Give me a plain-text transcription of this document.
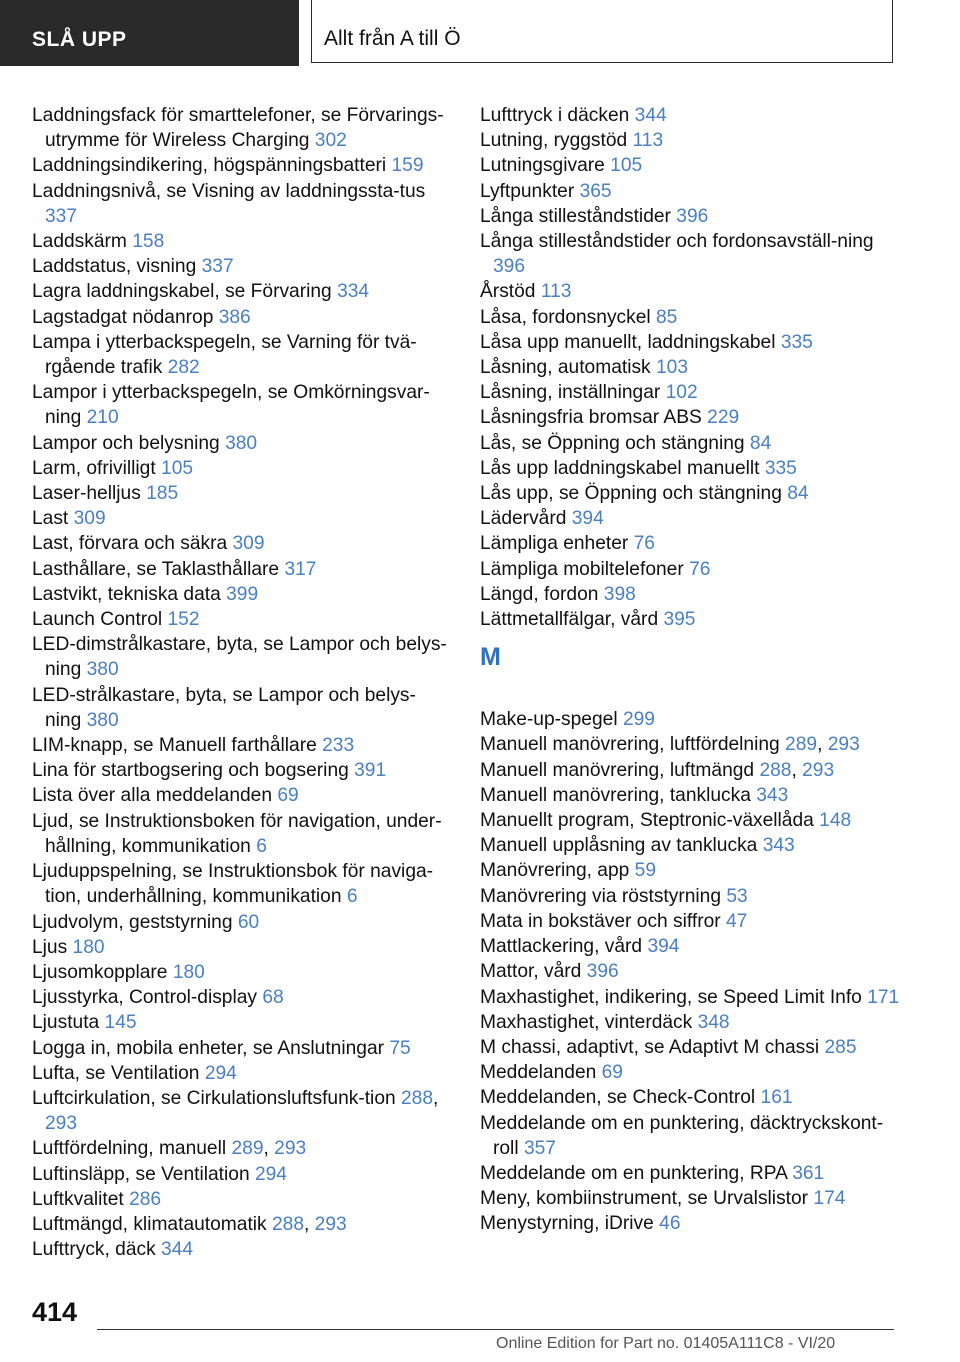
SLÅ UPP	Allt från A till Ö
Laddningsfack för smarttelefoner, se Förvarings-utrymme för Wireless Charging 302
Laddningsindikering, högspänningsbatteri 159
Laddningsnivå, se Visning av laddningssta-tus 337
Laddskärm 158
Laddstatus, visning 337
Lagra laddningskabel, se Förvaring 334
Lagstadgat nödanrop 386
Lampa i ytterbackspegeln, se Varning för tvä-rgående trafik 282
Lampor i ytterbackspegeln, se Omkörningsvar-ning 210
Lampor och belysning 380
Larm, ofrivilligt 105
Laser-helljus 185
Last 309
Last, förvara och säkra 309
Lasthållare, se Taklasthållare 317
Lastvikt, tekniska data 399
Launch Control 152
LED-dimstrålkastare, byta, se Lampor och belys-ning 380
LED-strålkastare, byta, se Lampor och belys-ning 380
LIM-knapp, se Manuell farthållare 233
Lina för startbogsering och bogsering 391
Lista över alla meddelanden 69
Ljud, se Instruktionsboken för navigation, under-hållning, kommunikation 6
Ljuduppspelning, se Instruktionsbok för naviga-tion, underhållning, kommunikation 6
Ljudvolym, geststyrning 60
Ljus 180
Ljusomkopplare 180
Ljusstyrka, Control-display 68
Ljustuta 145
Logga in, mobila enheter, se Anslutningar 75
Lufta, se Ventilation 294
Luftcirkulation, se Cirkulationsluftsfunk-tion 288, 293
Luftfördelning, manuell 289, 293
Luftinsläpp, se Ventilation 294
Luftkvalitet 286
Luftmängd, klimatautomatik 288, 293
Lufttryck, däck 344
Lufttryck i däcken 344
Lutning, ryggstöd 113
Lutningsgivare 105
Lyftpunkter 365
Långa stilleståndstider 396
Långa stilleståndstider och fordonsavställ-ning 396
Årstöd 113
Låsa, fordonsnyckel 85
Låsa upp manuellt, laddningskabel 335
Låsning, automatisk 103
Låsning, inställningar 102
Låsningsfria bromsar ABS 229
Lås, se Öppning och stängning 84
Lås upp laddningskabel manuellt 335
Lås upp, se Öppning och stängning 84
Lädervård 394
Lämpliga enheter 76
Lämpliga mobiltelefoner 76
Längd, fordon 398
Lättmetallfälgar, vård 395
M
Make-up-spegel 299
Manuell manövrering, luftfördelning 289, 293
Manuell manövrering, luftmängd 288, 293
Manuell manövrering, tanklucka 343
Manuellt program, Steptronic-växellåda 148
Manuell upplåsning av tanklucka 343
Manövrering, app 59
Manövrering via röststyrning 53
Mata in bokstäver och siffror 47
Mattlackering, vård 394
Mattor, vård 396
Maxhastighet, indikering, se Speed Limit Info 171
Maxhastighet, vinterdäck 348
M chassi, adaptivt, se Adaptivt M chassi 285
Meddelanden 69
Meddelanden, se Check-Control 161
Meddelande om en punktering, däcktryckskont-roll 357
Meddelande om en punktering, RPA 361
Meny, kombiinstrument, se Urvalslistor 174
Menystyrning, iDrive 46
414
Online Edition for Part no. 01405A111C8 - VI/20
